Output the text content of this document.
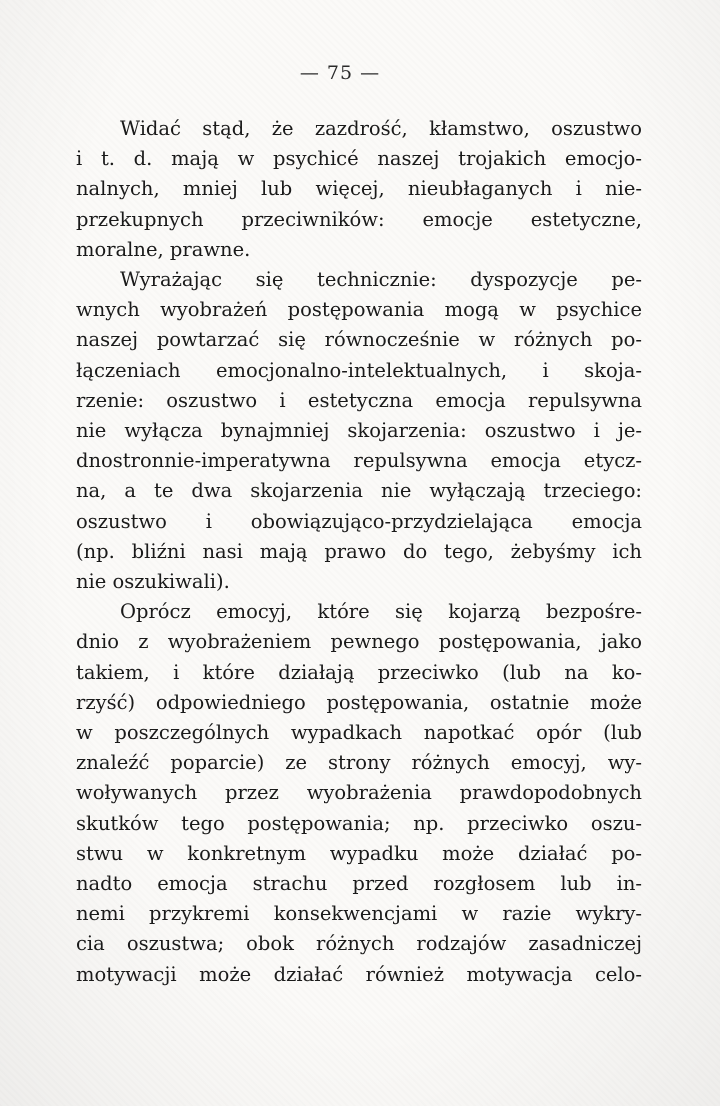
— 75 —
Widać stąd, że zazdrość, kłamstwo, oszustwo
i t. d. mają w psychicé naszej trojakich emocjo-
nalnych, mniej lub więcej, nieubłaganych i nie-
przekupnych przeciwników: emocje estetyczne,
moralne, prawne.
Wyrażając się technicznie: dyspozycje pe-
wnych wyobrażeń postępowania mogą w psychice
naszej powtarzać się równocześnie w różnych po-
łączeniach emocjonalno-intelektualnych, i skoja-
rzenie: oszustwo i estetyczna emocja repulsywna
nie wyłącza bynajmniej skojarzenia: oszustwo i je-
dnostronnie-imperatywna repulsywna emocja etycz-
na, a te dwa skojarzenia nie wyłączają trzeciego:
oszustwo i obowiązująco-przydzielająca emocja
(np. bliźni nasi mają prawo do tego, żebyśmy ich
nie oszukiwali).
Oprócz emocyj, które się kojarzą bezpośre-
dnio z wyobrażeniem pewnego postępowania, jako
takiem, i które działają przeciwko (lub na ko-
rzyść) odpowiedniego postępowania, ostatnie może
w poszczególnych wypadkach napotkać opór (lub
znaleźć poparcie) ze strony różnych emocyj, wy-
woływanych przez wyobrażenia prawdopodobnych
skutków tego postępowania; np. przeciwko oszu-
stwu w konkretnym wypadku może działać po-
nadto emocja strachu przed rozgłosem lub in-
nemi przykremi konsekwencjami w razie wykry-
cia oszustwa; obok różnych rodzajów zasadniczej
motywacji może działać również motywacja celo-
